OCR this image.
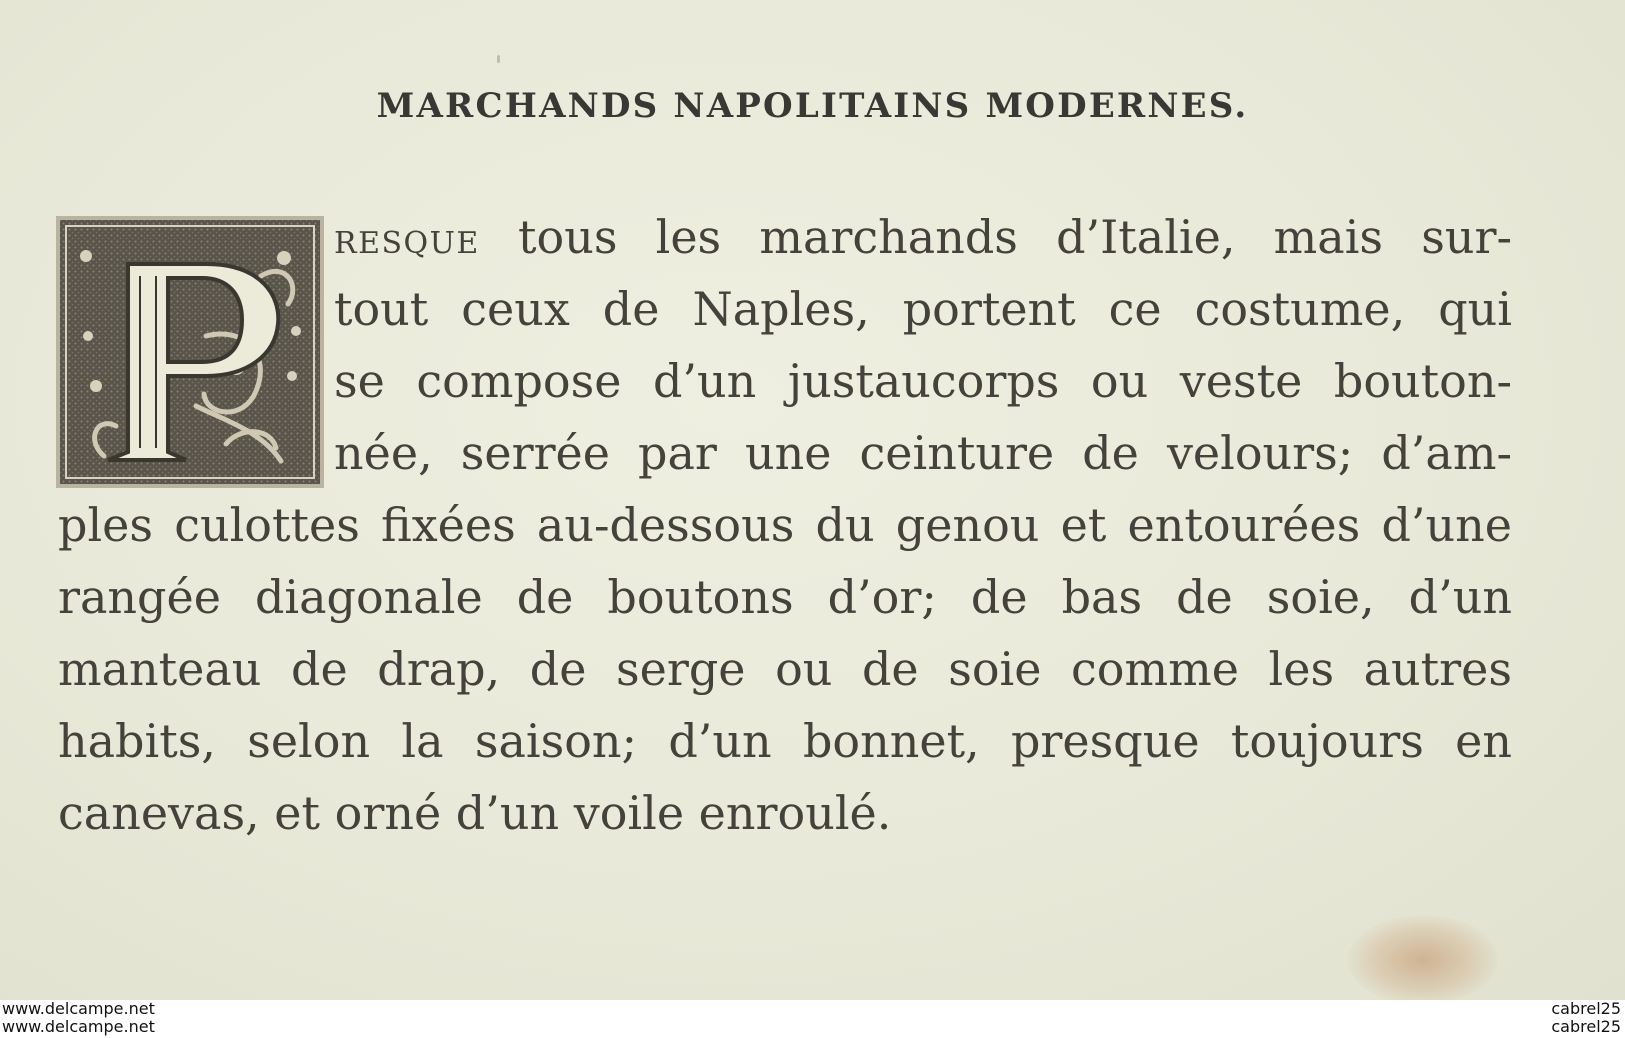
MARCHANDS NAPOLITAINS MODERNES.
RESQUE tous les marchands d’Italie, mais sur-
tout ceux de Naples, portent ce costume, qui
se compose d’un justaucorps ou veste bouton-
née, serrée par une ceinture de velours; d’am-
ples culottes fixées au-dessous du genou et entourées d’une
rangée diagonale de boutons d’or; de bas de soie, d’un
manteau de drap, de serge ou de soie comme les autres
habits, selon la saison; d’un bonnet, presque toujours en
canevas, et orné d’un voile enroulé.
www.delcampe.net
www.delcampe.net
cabrel25
cabrel25
